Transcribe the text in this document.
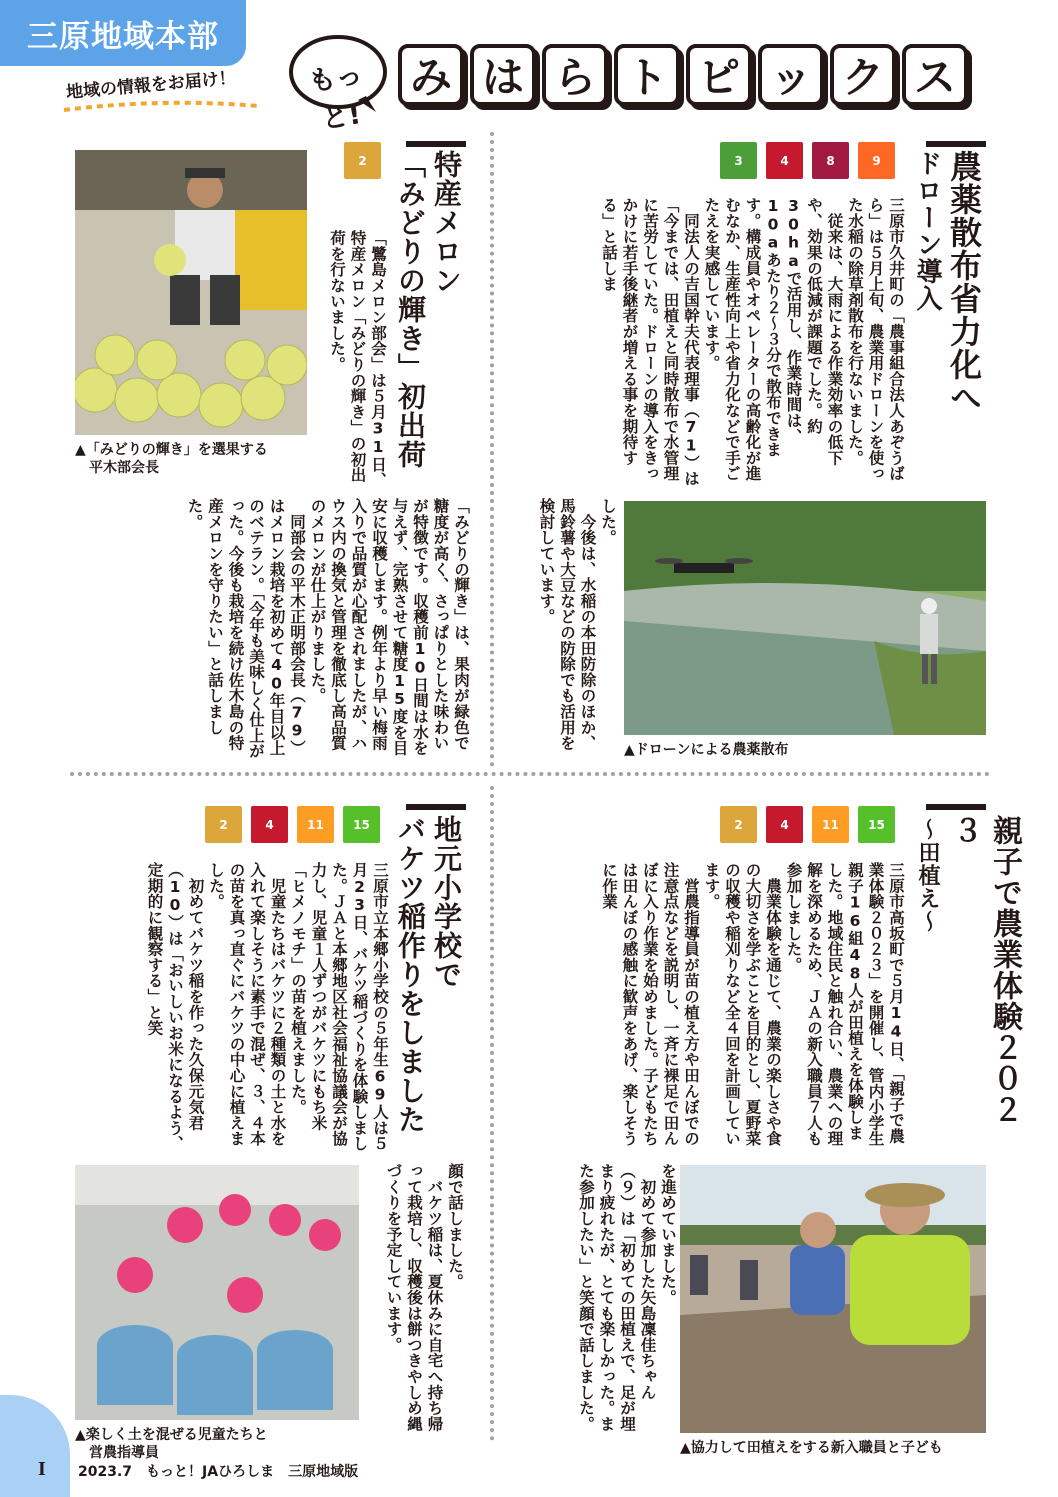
三原地域本部
地域の情報をお届け！	もっと!
み は ら ト ピ ッ ク ス
農薬散布省力化へ
ドローン導入
3	4	8	9
三原市久井町の「農事組合法人あぞうばら」は５月上旬、農業用ドローンを使った水稲の除草剤散布を行ないました。
　従来は、大雨による作業効率の低下や、効果の低減が課題でした。約30haで活用し、作業時間は、10aあたり２〜３分で散布できます。構成員やオペレーターの高齢化が進むなか、生産性向上や省力化などで手ごたえを実感しています。
　同法人の吉国幹夫代表理事（71）は「今までは、田植えと同時散布で水管理に苦労していた。ドローンの導入をきっかけに若手後継者が増える事を期待する」と話しま
した。
　今後は、水稲の本田防除のほか、馬鈴薯や大豆などの防除でも活用を検討しています。
▲ドローンによる農薬散布
特産メロン
「みどりの輝き」初出荷
2
「鷺島メロン部会」は５月31日、特産メロン「みどりの輝き」の初出荷を行ないました。
▲「みどりの輝き」を選果する
　平木部会長
「みどりの輝き」は、果肉が緑色で糖度が高く、さっぱりとした味わいが特徴です。収穫前10日間は水を与えず、完熟させて糖度15度を目安に収穫します。例年より早い梅雨入りで品質が心配されましたが、ハウス内の換気と管理を徹底し高品質のメロンが仕上がりました。
　同部会の平木正明部会長（79）はメロン栽培を初めて40年目以上のベテラン。「今年も美味しく仕上がった。今後も栽培を続け佐木島の特産メロンを守りたい」と話しました。
親子で農業体験２０２３
〜田植え〜
2	4	11	15
三原市高坂町で５月14日、「親子で農業体験２０２３」を開催し、管内小学生親子16組48人が田植えを体験しました。地域住民と触れ合い、農業への理解を深めるため、ＪＡの新入職員７人も参加しました。
　農業体験を通じて、農業の楽しさや食の大切さを学ぶことを目的とし、夏野菜の収穫や稲刈りなど全４回を計画しています。
　営農指導員が苗の植え方や田んぼでの注意点などを説明し、一斉に裸足で田んぼに入り作業を始めました。子どもたちは田んぼの感触に歓声をあげ、楽しそうに作業
を進めていました。
　初めて参加した矢島凜佳ちゃん（９）は「初めての田植えで、足が埋まり疲れたが、とても楽しかった。また参加したい」と笑顔で話しました。
▲協力して田植えをする新入職員と子ども
地元小学校で
バケツ稲作りをしました
2	4	11	15
三原市立本郷小学校の５年生69人は５月23日、バケツ稲づくりを体験しました。ＪＡと本郷地区社会福祉協議会が協力し、児童１人ずつがバケツにもち米「ヒメノモチ」の苗を植えました。
　児童たちはバケツに２種類の土と水を入れて楽しそうに素手で混ぜ、３、４本の苗を真っ直ぐにバケツの中心に植えました。
　初めてバケツ稲を作った久保元気君（10）は「おいしいお米になるよう、定期的に観察する」と笑
顔で話しました。
　バケツ稲は、夏休みに自宅へ持ち帰って栽培し、収穫後は餅つきやしめ縄づくりを予定しています。
▲楽しく土を混ぜる児童たちと
　営農指導員
I 2023.7　もっと！JAひろしま　三原地域版
